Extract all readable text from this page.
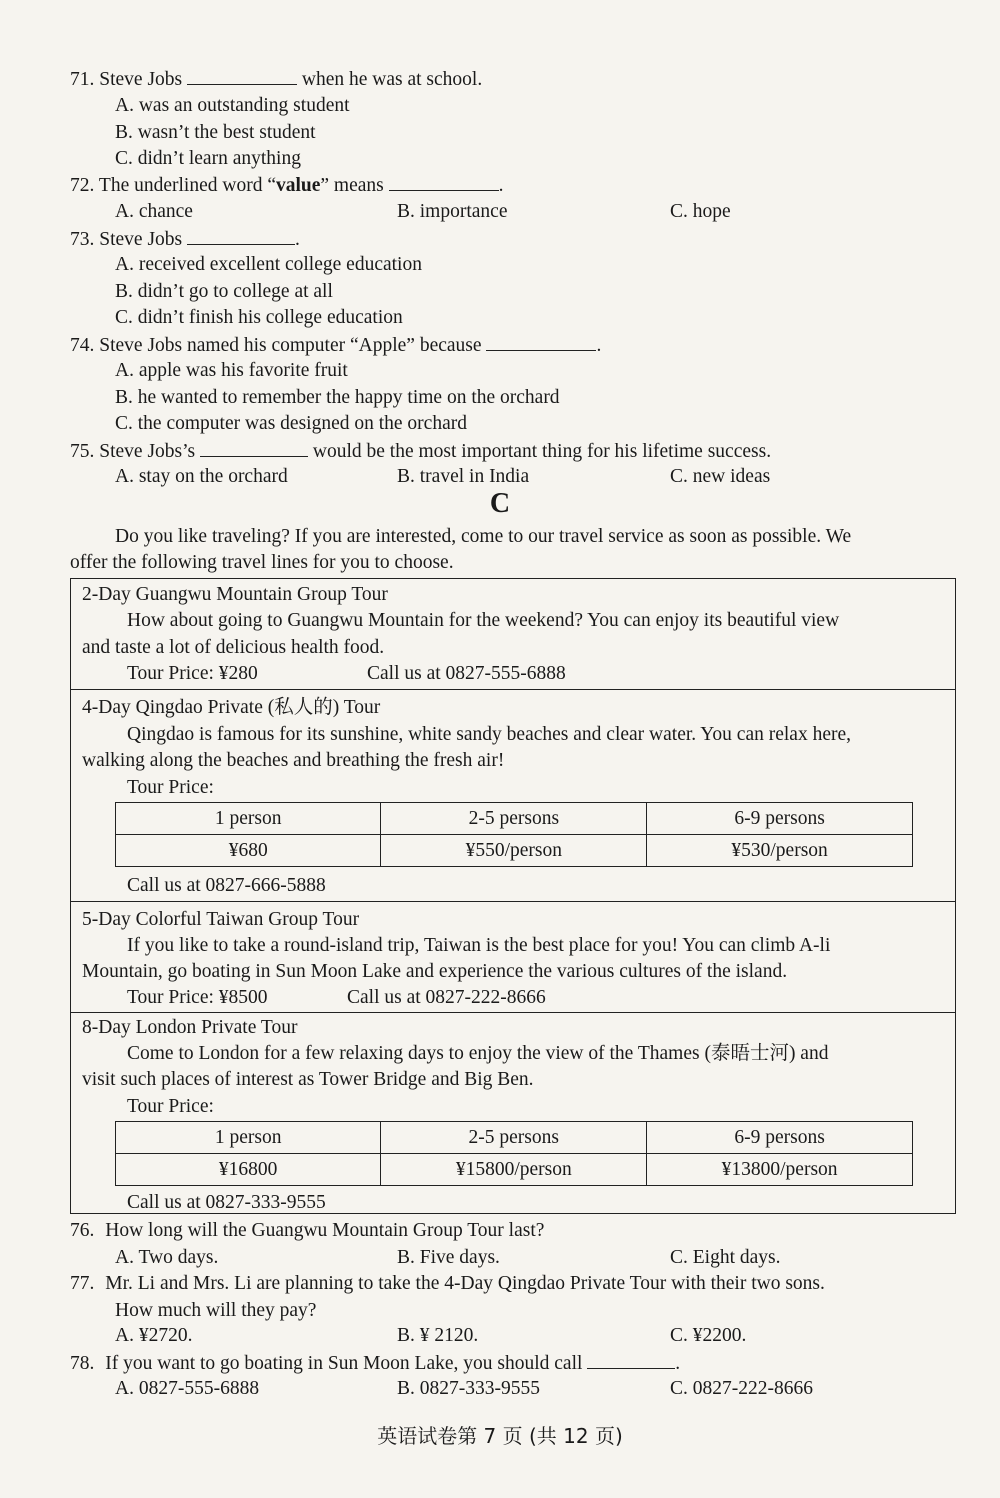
71. Steve Jobs	when he was at school.
A. was an outstanding student
B. wasn’t the best student
C. didn’t learn anything
72. The underlined word “value” means	.
A. chance	B. importance	C. hope
73. Steve Jobs	.
A. received excellent college education
B. didn’t go to college at all
C. didn’t finish his college education
74. Steve Jobs named his computer “Apple” because	.
A. apple was his favorite fruit
B. he wanted to remember the happy time on the orchard
C. the computer was designed on the orchard
75. Steve Jobs’s	would be the most important thing for his lifetime success.
A. stay on the orchard	B. travel in India	C. new ideas
C
Do you like traveling? If you are interested, come to our travel service as soon as possible. We
offer the following travel lines for you to choose.
2-Day Guangwu Mountain Group Tour
How about going to Guangwu Mountain for the weekend? You can enjoy its beautiful view
and taste a lot of delicious health food.
Tour Price: ¥280	Call us at 0827-555-6888
4-Day Qingdao Private (私人的) Tour
Qingdao is famous for its sunshine, white sandy beaches and clear water. You can relax here,
walking along the beaches and breathing the fresh air!
Tour Price:
1 person	2-5 persons	6-9 persons
¥680	¥550/person	¥530/person
Call us at 0827-666-5888
5-Day Colorful Taiwan Group Tour
If you like to take a round-island trip, Taiwan is the best place for you! You can climb A-li
Mountain, go boating in Sun Moon Lake and experience the various cultures of the island.
Tour Price: ¥8500	Call us at 0827-222-8666
8-Day London Private Tour
Come to London for a few relaxing days to enjoy the view of the Thames (泰晤士河) and
visit such places of interest as Tower Bridge and Big Ben.
Tour Price:
1 person	2-5 persons	6-9 persons
¥16800	¥15800/person	¥13800/person
Call us at 0827-333-9555
76. How long will the Guangwu Mountain Group Tour last?
A. Two days.	B. Five days.	C. Eight days.
77. Mr. Li and Mrs. Li are planning to take the 4-Day Qingdao Private Tour with their two sons.
How much will they pay?
A. ¥2720.	B. ¥ 2120.	C. ¥2200.
78. If you want to go boating in Sun Moon Lake, you should call	.
A. 0827-555-6888	B. 0827-333-9555	C. 0827-222-8666
英语试卷第 7 页 (共 12 页)
